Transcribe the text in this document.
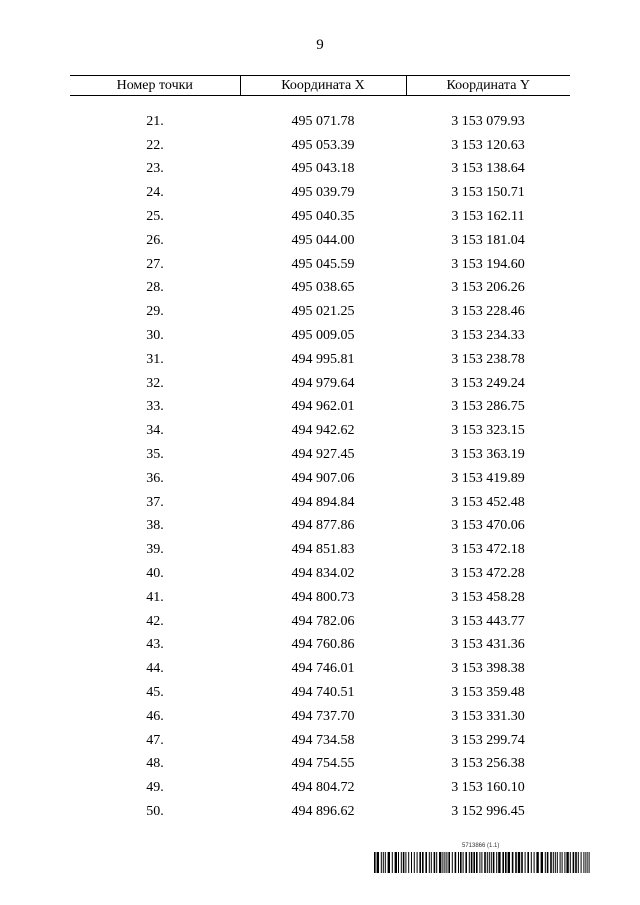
9
Номер точки	Координата X	Координата Y

21.	495 071.78	3 153 079.93
22.	495 053.39	3 153 120.63
23.	495 043.18	3 153 138.64
24.	495 039.79	3 153 150.71
25.	495 040.35	3 153 162.11
26.	495 044.00	3 153 181.04
27.	495 045.59	3 153 194.60
28.	495 038.65	3 153 206.26
29.	495 021.25	3 153 228.46
30.	495 009.05	3 153 234.33
31.	494 995.81	3 153 238.78
32.	494 979.64	3 153 249.24
33.	494 962.01	3 153 286.75
34.	494 942.62	3 153 323.15
35.	494 927.45	3 153 363.19
36.	494 907.06	3 153 419.89
37.	494 894.84	3 153 452.48
38.	494 877.86	3 153 470.06
39.	494 851.83	3 153 472.18
40.	494 834.02	3 153 472.28
41.	494 800.73	3 153 458.28
42.	494 782.06	3 153 443.77
43.	494 760.86	3 153 431.36
44.	494 746.01	3 153 398.38
45.	494 740.51	3 153 359.48
46.	494 737.70	3 153 331.30
47.	494 734.58	3 153 299.74
48.	494 754.55	3 153 256.38
49.	494 804.72	3 153 160.10
50.	494 896.62	3 152 996.45
5713866 (1.1)
